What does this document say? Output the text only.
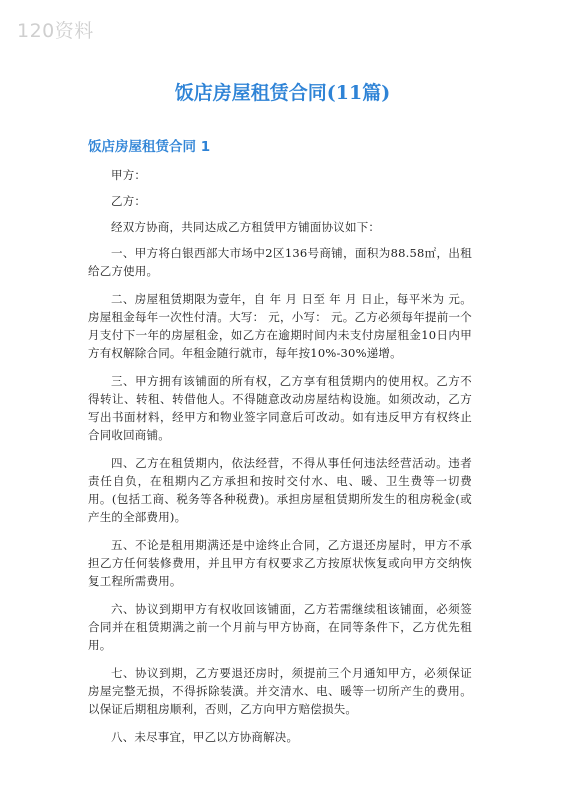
120资料
饭店房屋租赁合同(11篇)
饭店房屋租赁合同 1

甲方：

乙方：

经双方协商，共同达成乙方租赁甲方铺面协议如下：

一、甲方将白银西部大市场中2区136号商铺，面积为88.58㎡，出租给乙方使用。

二、房屋租赁期限为壹年，自 年 月 日至 年 月 日止，每平米为 元。房屋租金每年一次性付清。大写： 元，小写： 元。乙方必须每年提前一个月支付下一年的房屋租金，如乙方在逾期时间内未支付房屋租金10日内甲方有权解除合同。年租金随行就市，每年按10%-30%递增。

三、甲方拥有该铺面的所有权，乙方享有租赁期内的使用权。乙方不得转让、转租、转借他人。不得随意改动房屋结构设施。如须改动，乙方写出书面材料，经甲方和物业签字同意后可改动。如有违反甲方有权终止合同收回商铺。

四、乙方在租赁期内，依法经营，不得从事任何违法经营活动。违者责任自负，在租期内乙方承担和按时交付水、电、暖、卫生费等一切费用。(包括工商、税务等各种税费)。承担房屋租赁期所发生的租房税金(或产生的全部费用)。

五、不论是租用期满还是中途终止合同，乙方退还房屋时，甲方不承担乙方任何装修费用，并且甲方有权要求乙方按原状恢复或向甲方交纳恢复工程所需费用。

六、协议到期甲方有权收回该铺面，乙方若需继续租该铺面，必须签合同并在租赁期满之前一个月前与甲方协商，在同等条件下，乙方优先租用。

七、协议到期，乙方要退还房时，须提前三个月通知甲方，必须保证房屋完整无损，不得拆除装潢。并交清水、电、暖等一切所产生的费用。以保证后期租房顺利，否则，乙方向甲方赔偿损失。

八、未尽事宜，甲乙以方协商解决。
